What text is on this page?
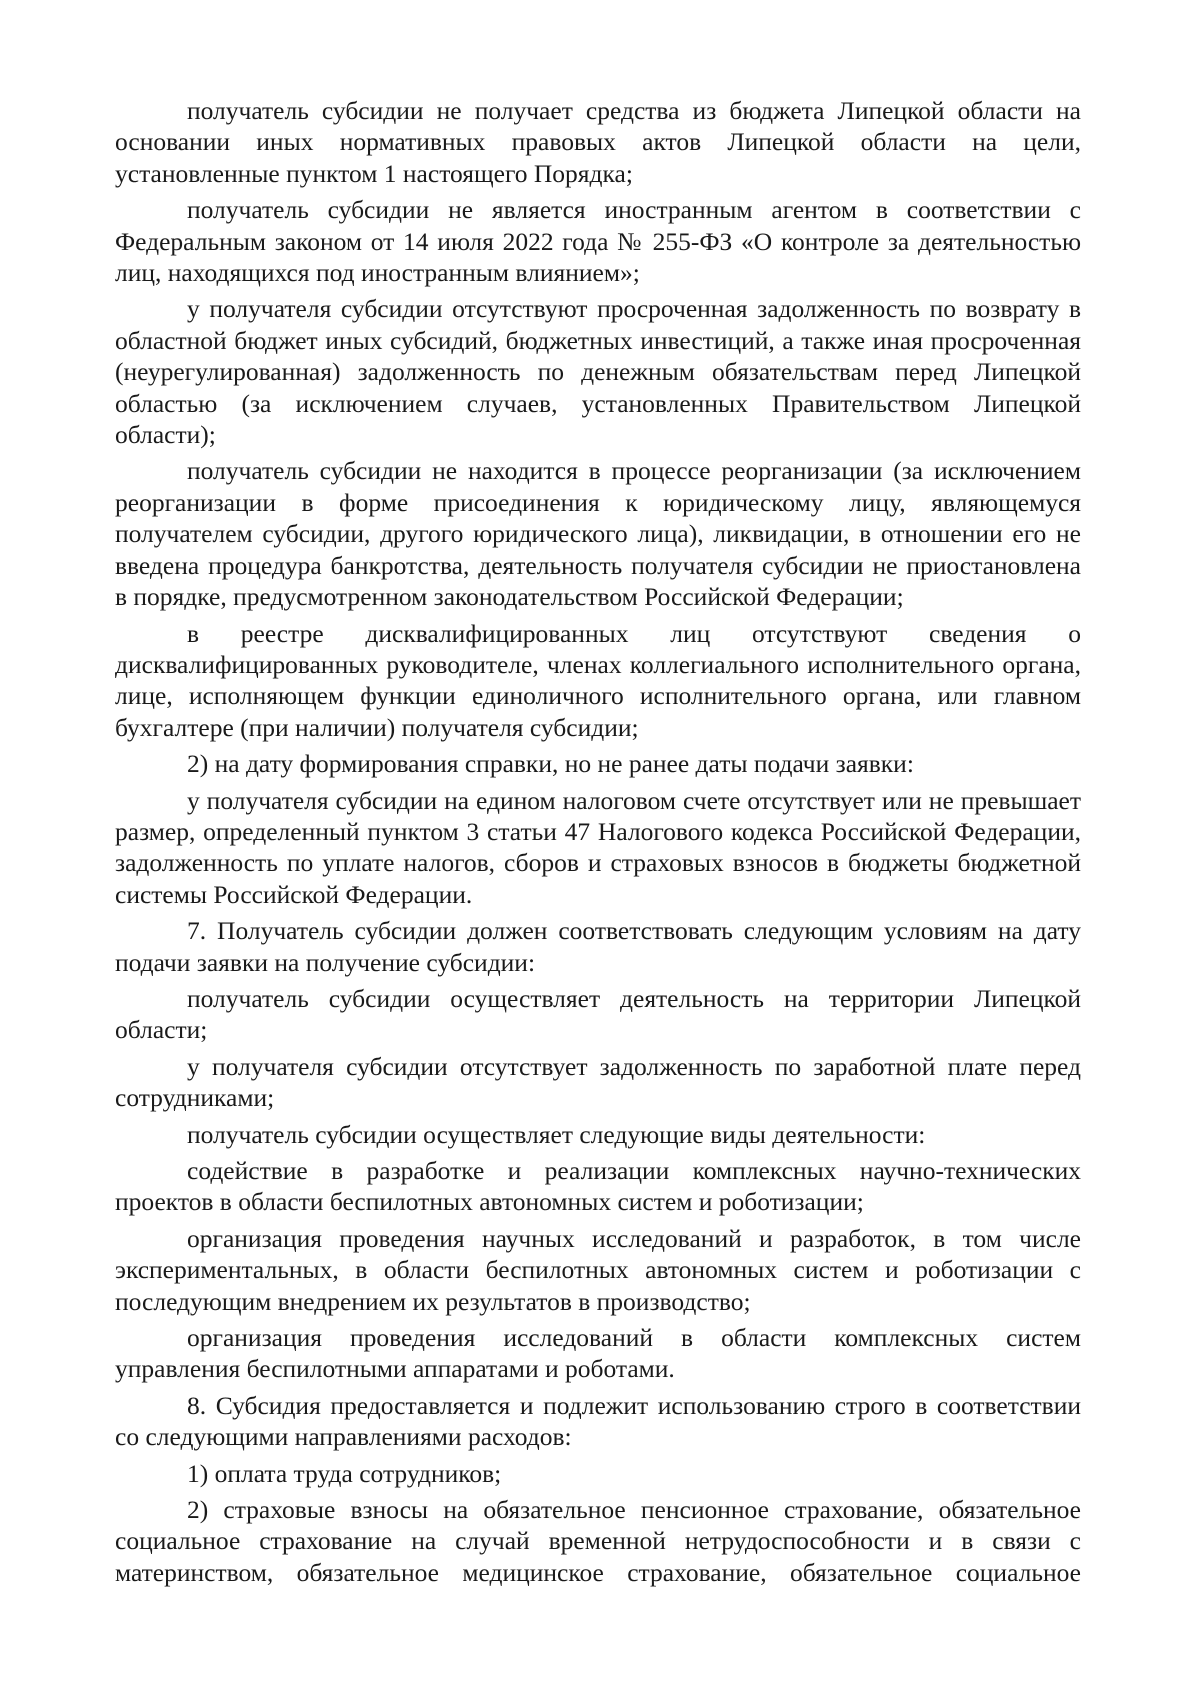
получатель субсидии не получает средства из бюджета Липецкой области на основании иных нормативных правовых актов Липецкой области на цели, установленные пунктом 1 настоящего Порядка;

получатель субсидии не является иностранным агентом в соответствии с Федеральным законом от 14 июля 2022 года № 255-ФЗ «О контроле за деятельностью лиц, находящихся под иностранным влиянием»;

у получателя субсидии отсутствуют просроченная задолженность по возврату в областной бюджет иных субсидий, бюджетных инвестиций, а также иная просроченная (неурегулированная) задолженность по денежным обязательствам перед Липецкой областью (за исключением случаев, установленных Правительством Липецкой области);

получатель субсидии не находится в процессе реорганизации (за исключением реорганизации в форме присоединения к юридическому лицу, являющемуся получателем субсидии, другого юридического лица), ликвидации, в отношении его не введена процедура банкротства, деятельность получателя субсидии не приостановлена в порядке, предусмотренном законодательством Российской Федерации;

в реестре дисквалифицированных лиц отсутствуют сведения о дисквалифицированных руководителе, членах коллегиального исполнительного органа, лице, исполняющем функции единоличного исполнительного органа, или главном бухгалтере (при наличии) получателя субсидии;

2) на дату формирования справки, но не ранее даты подачи заявки:

у получателя субсидии на едином налоговом счете отсутствует или не превышает размер, определенный пунктом 3 статьи 47 Налогового кодекса Российской Федерации, задолженность по уплате налогов, сборов и страховых взносов в бюджеты бюджетной системы Российской Федерации.

7. Получатель субсидии должен соответствовать следующим условиям на дату подачи заявки на получение субсидии:

получатель субсидии осуществляет деятельность на территории Липецкой области;

у получателя субсидии отсутствует задолженность по заработной плате перед сотрудниками;

получатель субсидии осуществляет следующие виды деятельности:

содействие в разработке и реализации комплексных научно-технических проектов в области беспилотных автономных систем и роботизации;

организация проведения научных исследований и разработок, в том числе экспериментальных, в области беспилотных автономных систем и роботизации с последующим внедрением их результатов в производство;

организация проведения исследований в области комплексных систем управления беспилотными аппаратами и роботами.

8. Субсидия предоставляется и подлежит использованию строго в соответствии со следующими направлениями расходов:

1) оплата труда сотрудников;

2) страховые взносы на обязательное пенсионное страхование, обязательное социальное страхование на случай временной нетрудоспособности и в связи с материнством, обязательное медицинское страхование, обязательное социальное
